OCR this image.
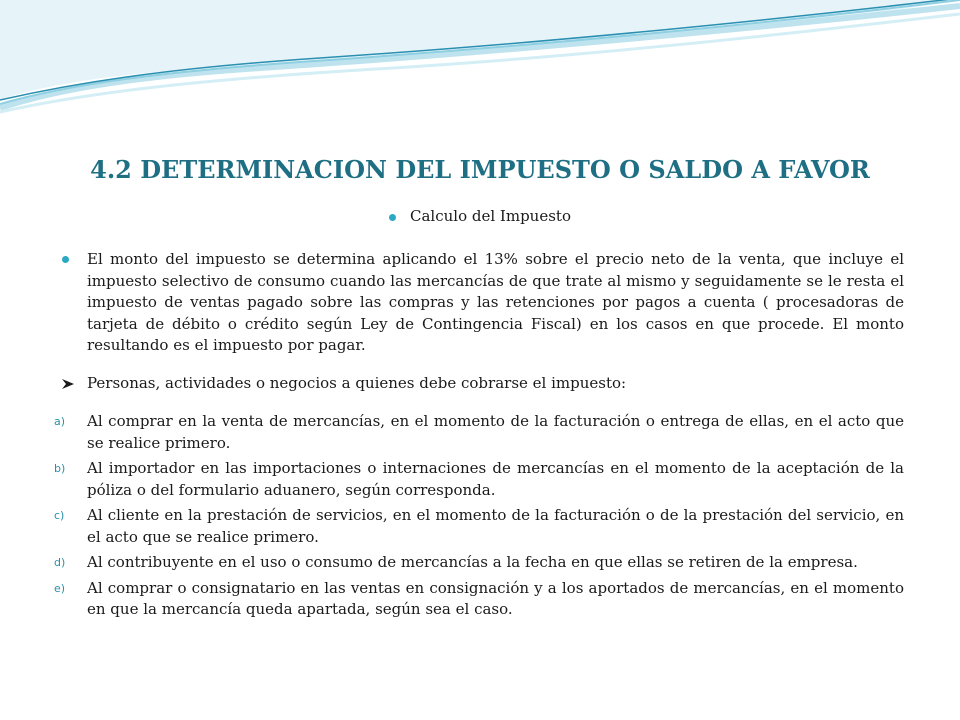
4.2 DETERMINACION DEL IMPUESTO O SALDO A FAVOR
Calculo del Impuesto
El monto del impuesto se determina aplicando el 13% sobre el precio neto de la venta, que incluye el impuesto selectivo de consumo cuando las mercancías de que trate al mismo y seguidamente se le resta el impuesto de ventas pagado sobre las compras y las retenciones por pagos a cuenta ( procesadoras de tarjeta de débito o crédito según Ley de Contingencia Fiscal) en los casos en que procede. El monto resultando es el impuesto por pagar.
Personas, actividades o negocios a quienes debe cobrarse el impuesto:
a) Al comprar en la venta de mercancías, en el momento de la facturación o entrega de ellas, en el acto que se realice primero.
b) Al importador en las importaciones o internaciones de mercancías en el momento de la aceptación de la póliza o del formulario aduanero, según corresponda.
c) Al cliente en la prestación de servicios, en el momento de la facturación o de la prestación del servicio, en el acto que se realice primero.
d) Al contribuyente en el uso o consumo de mercancías a la fecha en que ellas se retiren de la empresa.
e) Al comprar o consignatario en las ventas en consignación y a los aportados de mercancías, en el momento en que la mercancía queda apartada, según sea el caso.
